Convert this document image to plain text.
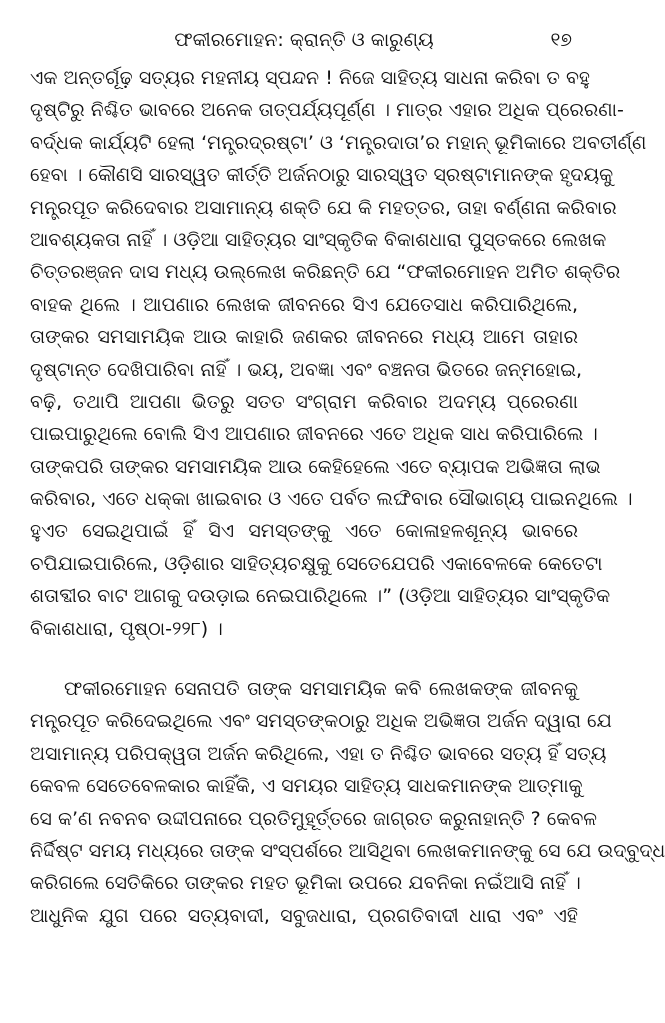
ଫକୀରମୋହନ: କ୍ରାନ୍ତି ଓ କାରୁଣ୍ୟ	୧୭
ଏକ ଅନ୍ତର୍ଗୂଢ଼ ସତ୍ୟର ମହନୀୟ ସ୍ପନ୍ଦନ ! ନିଜେ ସାହିତ୍ୟ ସାଧନା କରିବା ତ ବହୁ
ଦୃଷ୍ଟିରୁ ନିଶ୍ଚିତ ଭାବରେ ଅନେକ ତାତ୍ପର୍ଯ୍ୟପୂର୍ଣ୍ଣ । ମାତ୍ର ଏହାର ଅଧିକ ପ୍ରେରଣା-
ବର୍ଦ୍ଧକ କାର୍ଯ୍ୟଟି ହେଲା ‘ମନ୍ତ୍ରଦ୍ରଷ୍ଟା’ ଓ ‘ମନ୍ତ୍ରଦାତା’ର ମହାନ୍ ଭୂମିକାରେ ଅବତୀର୍ଣ୍ଣ
ହେବା । କୌଣସି ସାରସ୍ୱତ କୀର୍ତ୍ତି ଅର୍ଜନଠାରୁ ସାରସ୍ୱତ ସ୍ରଷ୍ଟାମାନଙ୍କ ହୃଦୟକୁ
ମନ୍ତ୍ରପୂତ କରିଦେବାର ଅସାମାନ୍ୟ ଶକ୍ତି ଯେ କି ମହତ୍ତର, ତାହା ବର୍ଣ୍ଣନା କରିବାର
ଆବଶ୍ୟକତା ନାହିଁ । ଓଡ଼ିଆ ସାହିତ୍ୟର ସାଂସ୍କୃତିକ ବିକାଶଧାରା ପୁସ୍ତକରେ ଲେଖକ
ଚିତ୍ତରଞ୍ଜନ ଦାସ ମଧ୍ୟ ଉଲ୍ଲେଖ କରିଛନ୍ତି ଯେ “ଫକୀରମୋହନ ଅମିତ ଶକ୍ତିର
ବାହକ ଥିଲେ । ଆପଣାର ଲେଖକ ଜୀବନରେ ସିଏ ଯେତେସାଧ କରିପାରିଥିଲେ,
ତାଙ୍କର ସମସାମୟିକ ଆଉ କାହାରି ଜଣକର ଜୀବନରେ ମଧ୍ୟ ଆମେ ତାହାର
ଦୃଷ୍ଟାନ୍ତ ଦେଖିପାରିବା ନାହିଁ । ଭୟ, ଅବଜ୍ଞା ଏବଂ ବଞ୍ଚନତା ଭିତରେ ଜନ୍ମହୋଇ,
ବଢ଼ି, ତଥାପି ଆପଣା ଭିତରୁ ସତତ ସଂଗ୍ରାମ କରିବାର ଅଦମ୍ୟ ପ୍ରେରଣା
ପାଇପାରୁଥିଲେ ବୋଲି ସିଏ ଆପଣାର ଜୀବନରେ ଏତେ ଅଧିକ ସାଧ କରିପାରିଲେ ।
ତାଙ୍କପରି ତାଙ୍କର ସମସାମୟିକ ଆଉ କେହିହେଲେ ଏତେ ବ୍ୟାପକ ଅଭିଜ୍ଞତା ଲାଭ
କରିବାର, ଏତେ ଧକ୍କା ଖାଇବାର ଓ ଏତେ ପର୍ବତ ଲଙ୍ଘିବାର ସୌଭାଗ୍ୟ ପାଇନଥିଲେ ।
ହୁଏତ ସେଇଥିପାଇଁ ହିଁ ସିଏ ସମସ୍ତଙ୍କୁ ଏତେ କୋଳାହଳଶୂନ୍ୟ ଭାବରେ
ଚପିଯାଇପାରିଲେ, ଓଡ଼ିଶାର ସାହିତ୍ୟଚକ୍ଷୁକୁ ସେତେଯେପରି ଏକାବେଳକେ କେତେଟା
ଶତାବ୍ଦୀର ବାଟ ଆଗକୁ ଦଉଡ଼ାଇ ନେଇପାରିଥିଲେ ।” (ଓଡ଼ିଆ ସାହିତ୍ୟର ସାଂସ୍କୃତିକ
ବିକାଶଧାରା, ପୃଷ୍ଠା-୨୨୮) ।
ଫକୀରମୋହନ ସେନାପତି ତାଙ୍କ ସମସାମୟିକ କବି ଲେଖକଙ୍କ ଜୀବନକୁ
ମନ୍ତ୍ରପୂତ କରିଦେଇଥିଲେ ଏବଂ ସମସ୍ତଙ୍କଠାରୁ ଅଧିକ ଅଭିଜ୍ଞତା ଅର୍ଜନ ଦ୍ୱାରା ଯେ
ଅସାମାନ୍ୟ ପରିପକ୍ୱତା ଅର୍ଜନ କରିଥିଲେ, ଏହା ତ ନିଶ୍ଚିତ ଭାବରେ ସତ୍ୟ ହିଁ ସତ୍ୟ
କେବଳ ସେତେବେଳକାର କାହିଁକି, ଏ ସମୟର ସାହିତ୍ୟ ସାଧକମାନଙ୍କ ଆତ୍ମାକୁ
ସେ କ’ଣ ନବନବ ଉଦ୍ଦୀପନାରେ ପ୍ରତିମୁହୂର୍ତ୍ତରେ ଜାଗ୍ରତ କରୁନାହାନ୍ତି ? କେବଳ
ନିର୍ଦ୍ଦିଷ୍ଟ ସମୟ ମଧ୍ୟରେ ତାଙ୍କ ସଂସ୍ପର୍ଶରେ ଆସିଥିବା ଲେଖକମାନଙ୍କୁ ସେ ଯେ ଉଦ୍‌ବୁଦ୍ଧ
କରିଗଲେ ସେତିକିରେ ତାଙ୍କର ମହତ ଭୂମିକା ଉପରେ ଯବନିକା ନଇଁଆସି ନାହିଁ ।
ଆଧୁନିକ ଯୁଗ ପରେ ସତ୍ୟବାଦୀ, ସବୁଜଧାରା, ପ୍ରଗତିବାଦୀ ଧାରା ଏବଂ ଏହି
